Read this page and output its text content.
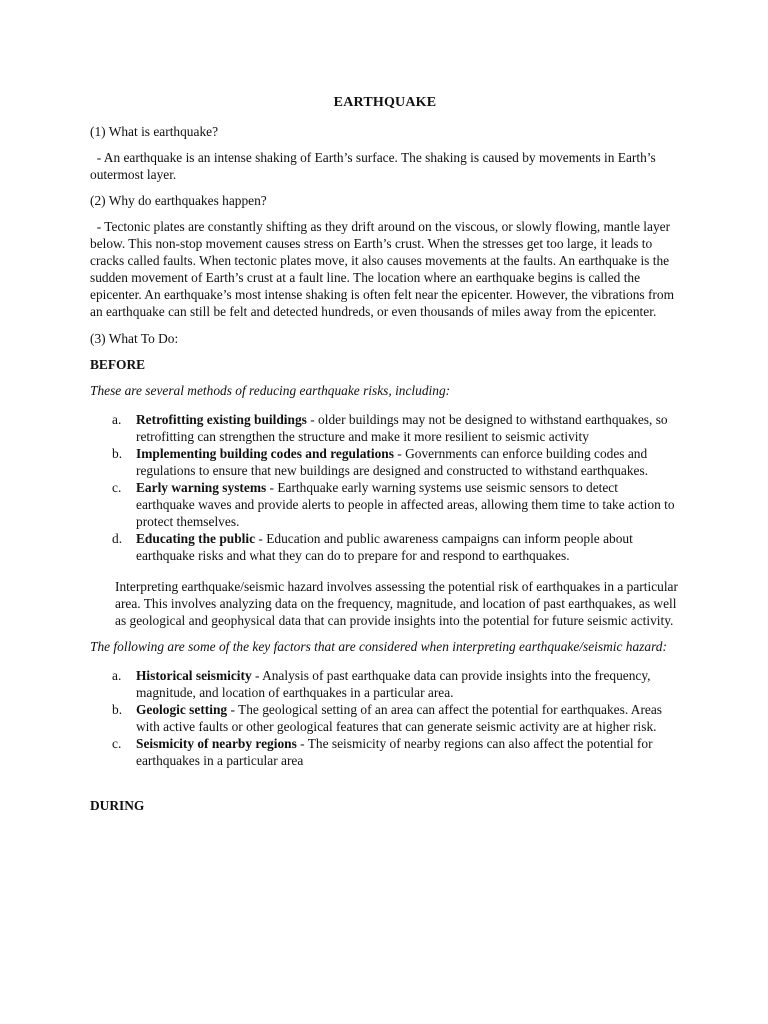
EARTHQUAKE

(1) What is earthquake?

- An earthquake is an intense shaking of Earth’s surface. The shaking is caused by movements in Earth’s outermost layer.

(2) Why do earthquakes happen?

- Tectonic plates are constantly shifting as they drift around on the viscous, or slowly flowing, mantle layer below. This non-stop movement causes stress on Earth’s crust. When the stresses get too large, it leads to cracks called faults. When tectonic plates move, it also causes movements at the faults. An earthquake is the sudden movement of Earth’s crust at a fault line. The location where an earthquake begins is called the epicenter. An earthquake’s most intense shaking is often felt near the epicenter. However, the vibrations from an earthquake can still be felt and detected hundreds, or even thousands of miles away from the epicenter.

(3) What To Do:

BEFORE

These are several methods of reducing earthquake risks, including:

a. Retrofitting existing buildings - older buildings may not be designed to withstand earthquakes, so retrofitting can strengthen the structure and make it more resilient to seismic activity
b. Implementing building codes and regulations - Governments can enforce building codes and regulations to ensure that new buildings are designed and constructed to withstand earthquakes.
c. Early warning systems - Earthquake early warning systems use seismic sensors to detect earthquake waves and provide alerts to people in affected areas, allowing them time to take action to protect themselves.
d. Educating the public - Education and public awareness campaigns can inform people about earthquake risks and what they can do to prepare for and respond to earthquakes.

Interpreting earthquake/seismic hazard involves assessing the potential risk of earthquakes in a particular area. This involves analyzing data on the frequency, magnitude, and location of past earthquakes, as well as geological and geophysical data that can provide insights into the potential for future seismic activity.

The following are some of the key factors that are considered when interpreting earthquake/seismic hazard:

a. Historical seismicity - Analysis of past earthquake data can provide insights into the frequency, magnitude, and location of earthquakes in a particular area.
b. Geologic setting - The geological setting of an area can affect the potential for earthquakes. Areas with active faults or other geological features that can generate seismic activity are at higher risk.
c. Seismicity of nearby regions - The seismicity of nearby regions can also affect the potential for earthquakes in a particular area

DURING
